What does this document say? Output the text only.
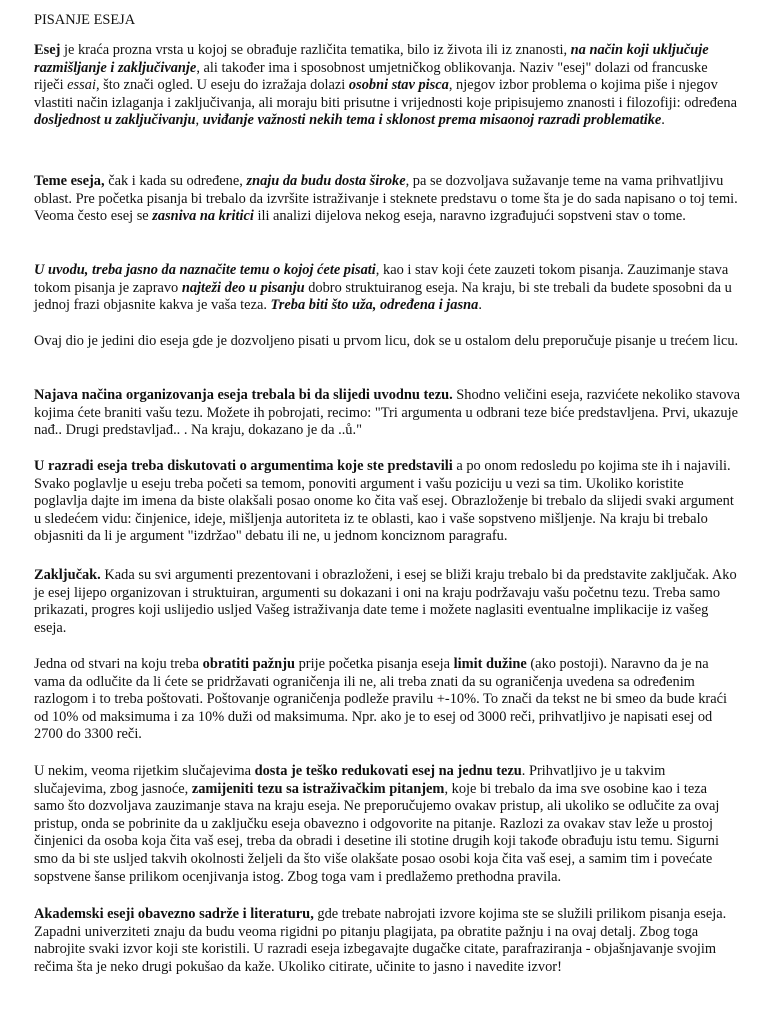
PISANJE ESEJA

Esej je kraća prozna vrsta u kojoj se obrađuje različita tematika, bilo iz života ili iz znanosti, na način koji uključuje razmišljanje i zaključivanje, ali također ima i sposobnost umjetničkog oblikovanja. Naziv "esej" dolazi od francuske riječi essai, što znači ogled. U eseju do izražaja dolazi osobni stav pisca, njegov izbor problema o kojima piše i njegov vlastiti način izlaganja i zaključivanja, ali moraju biti prisutne i vrijednosti koje pripisujemo znanosti i filozofiji: određena dosljednost u zaključivanju, uviđanje važnosti nekih tema i sklonost prema misaonoj razradi problematike.

Teme eseja, čak i kada su određene, znaju da budu dosta široke, pa se dozvoljava sužavanje teme na vama prihvatljivu oblast. Pre početka pisanja bi trebalo da izvršite istraživanje i steknete predstavu o tome šta je do sada napisano o toj temi. Veoma često esej se zasniva na kritici ili analizi dijelova nekog eseja, naravno izgrađujući sopstveni stav o tome.

U uvodu, treba jasno da naznačite temu o kojoj ćete pisati, kao i stav koji ćete zauzeti tokom pisanja. Zauzimanje stava tokom pisanja je zapravo najteži deo u pisanju dobro struktuiranog eseja. Na kraju, bi ste trebali da budete sposobni da u jednoj frazi objasnite kakva je vaša teza. Treba biti što uža, određena i jasna.

Ovaj dio je jedini dio eseja gde je dozvoljeno pisati u prvom licu, dok se u ostalom delu preporučuje pisanje u trećem licu.

Najava načina organizovanja eseja trebala bi da slijedi uvodnu tezu. Shodno veličini eseja, razvićete nekoliko stavova kojima ćete braniti vašu tezu. Možete ih pobrojati, recimo: "Tri argumenta u odbrani teze biće predstavljena. Prvi, ukazuje nađ.. Drugi predstavljađ.. . Na kraju, dokazano je da ..ů."

U razradi eseja treba diskutovati o argumentima koje ste predstavili a po onom redosledu po kojima ste ih i najavili. Svako poglavlje u eseju treba početi sa temom, ponoviti argument i vašu poziciju u vezi sa tim. Ukoliko koristite poglavlja dajte im imena da biste olakšali posao onome ko čita vaš esej. Obrazloženje bi trebalo da slijedi svaki argument u sledećem vidu: činjenice, ideje, mišljenja autoriteta iz te oblasti, kao i vaše sopstveno mišljenje. Na kraju bi trebalo objasniti da li je argument "izdržao" debatu ili ne, u jednom konciznom paragrafu.

Zaključak. Kada su svi argumenti prezentovani i obrazloženi, i esej se bliži kraju trebalo bi da predstavite zaključak. Ako je esej lijepo organizovan i struktuiran, argumenti su dokazani i oni na kraju podržavaju vašu početnu tezu. Treba samo prikazati, progres koji uslijedio usljed Vašeg istraživanja date teme i možete naglasiti eventualne implikacije iz vašeg eseja.

Jedna od stvari na koju treba obratiti pažnju prije početka pisanja eseja limit dužine (ako postoji). Naravno da je na vama da odlučite da li ćete se pridržavati ograničenja ili ne, ali treba znati da su ograničenja uvedena sa određenim razlogom i to treba poštovati. Poštovanje ograničenja podleže pravilu +-10%. To znači da tekst ne bi smeo da bude kraći od 10% od maksimuma i za 10% duži od maksimuma. Npr. ako je to esej od 3000 reči, prihvatljivo je napisati esej od 2700 do 3300 reči.

U nekim, veoma rijetkim slučajevima dosta je teško redukovati esej na jednu tezu. Prihvatljivo je u takvim slučajevima, zbog jasnoće, zamijeniti tezu sa istraživačkim pitanjem, koje bi trebalo da ima sve osobine kao i teza samo što dozvoljava zauzimanje stava na kraju eseja. Ne preporučujemo ovakav pristup, ali ukoliko se odlučite za ovaj pristup, onda se pobrinite da u zaključku eseja obavezno i odgovorite na pitanje. Razlozi za ovakav stav leže u prostoj činjenici da osoba koja čita vaš esej, treba da obradi i desetine ili stotine drugih koji takođe obrađuju istu temu. Sigurni smo da bi ste usljed takvih okolnosti željeli da što više olakšate posao osobi koja čita vaš esej, a samim tim i povećate sopstvene šanse prilikom ocenjivanja istog. Zbog toga vam i predlažemo prethodna pravila.

Akademski eseji obavezno sadrže i literaturu, gde trebate nabrojati izvore kojima ste se služili prilikom pisanja eseja. Zapadni univerziteti znaju da budu veoma rigidni po pitanju plagijata, pa obratite pažnju i na ovaj detalj. Zbog toga nabrojite svaki izvor koji ste koristili. U razradi eseja izbegavajte dugačke citate, parafraziranja - objašnjavanje svojim rečima šta je neko drugi pokušao da kaže. Ukoliko citirate, učinite to jasno i navedite izvor!
